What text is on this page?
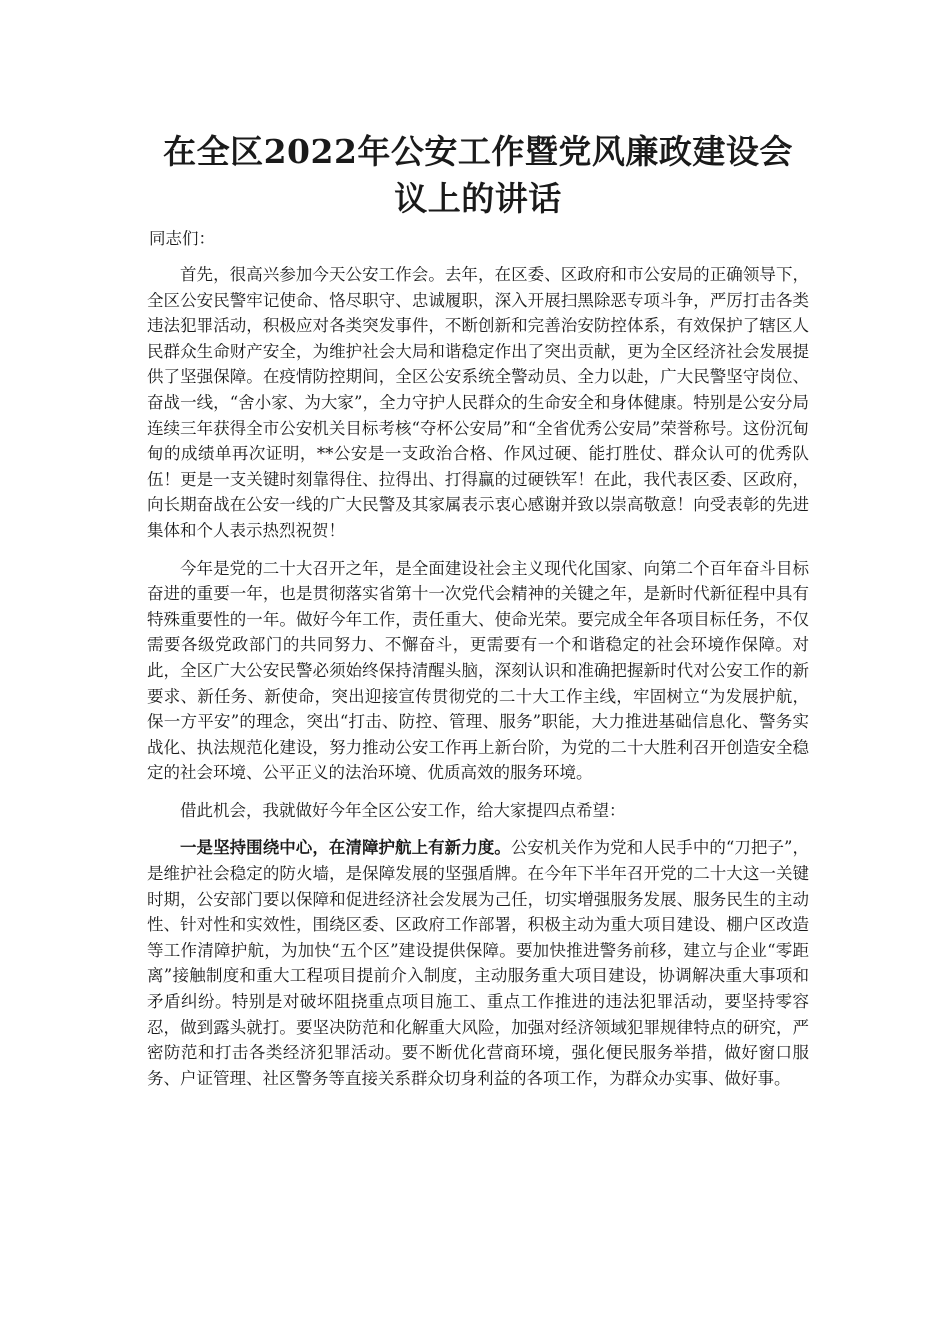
在全区2022年公安工作暨党风廉政建设会议上的讲话
同志们：

首先，很高兴参加今天公安工作会。去年，在区委、区政府和市公安局的正确领导下，全区公安民警牢记使命、恪尽职守、忠诚履职，深入开展扫黑除恶专项斗争，严厉打击各类违法犯罪活动，积极应对各类突发事件，不断创新和完善治安防控体系，有效保护了辖区人民群众生命财产安全，为维护社会大局和谐稳定作出了突出贡献，更为全区经济社会发展提供了坚强保障。在疫情防控期间，全区公安系统全警动员、全力以赴，广大民警坚守岗位、奋战一线，“舍小家、为大家”，全力守护人民群众的生命安全和身体健康。特别是公安分局连续三年获得全市公安机关目标考核“夺杯公安局”和“全省优秀公安局”荣誉称号。这份沉甸甸的成绩单再次证明，**公安是一支政治合格、作风过硬、能打胜仗、群众认可的优秀队伍！更是一支关键时刻靠得住、拉得出、打得赢的过硬铁军！在此，我代表区委、区政府，向长期奋战在公安一线的广大民警及其家属表示衷心感谢并致以崇高敬意！向受表彰的先进集体和个人表示热烈祝贺！

今年是党的二十大召开之年，是全面建设社会主义现代化国家、向第二个百年奋斗目标奋进的重要一年，也是贯彻落实省第十一次党代会精神的关键之年，是新时代新征程中具有特殊重要性的一年。做好今年工作，责任重大、使命光荣。要完成全年各项目标任务，不仅需要各级党政部门的共同努力、不懈奋斗，更需要有一个和谐稳定的社会环境作保障。对此，全区广大公安民警必须始终保持清醒头脑，深刻认识和准确把握新时代对公安工作的新要求、新任务、新使命，突出迎接宣传贯彻党的二十大工作主线，牢固树立“为发展护航，保一方平安”的理念，突出“打击、防控、管理、服务”职能，大力推进基础信息化、警务实战化、执法规范化建设，努力推动公安工作再上新台阶，为党的二十大胜利召开创造安全稳定的社会环境、公平正义的法治环境、优质高效的服务环境。

借此机会，我就做好今年全区公安工作，给大家提四点希望：

一是坚持围绕中心，在清障护航上有新力度。公安机关作为党和人民手中的“刀把子”，是维护社会稳定的防火墙，是保障发展的坚强盾牌。在今年下半年召开党的二十大这一关键时期，公安部门要以保障和促进经济社会发展为己任，切实增强服务发展、服务民生的主动性、针对性和实效性，围绕区委、区政府工作部署，积极主动为重大项目建设、棚户区改造等工作清障护航，为加快“五个区”建设提供保障。要加快推进警务前移，建立与企业“零距离”接触制度和重大工程项目提前介入制度，主动服务重大项目建设，协调解决重大事项和矛盾纠纷。特别是对破坏阻挠重点项目施工、重点工作推进的违法犯罪活动，要坚持零容忍，做到露头就打。要坚决防范和化解重大风险，加强对经济领域犯罪规律特点的研究，严密防范和打击各类经济犯罪活动。要不断优化营商环境，强化便民服务举措，做好窗口服务、户证管理、社区警务等直接关系群众切身利益的各项工作，为群众办实事、做好事。
